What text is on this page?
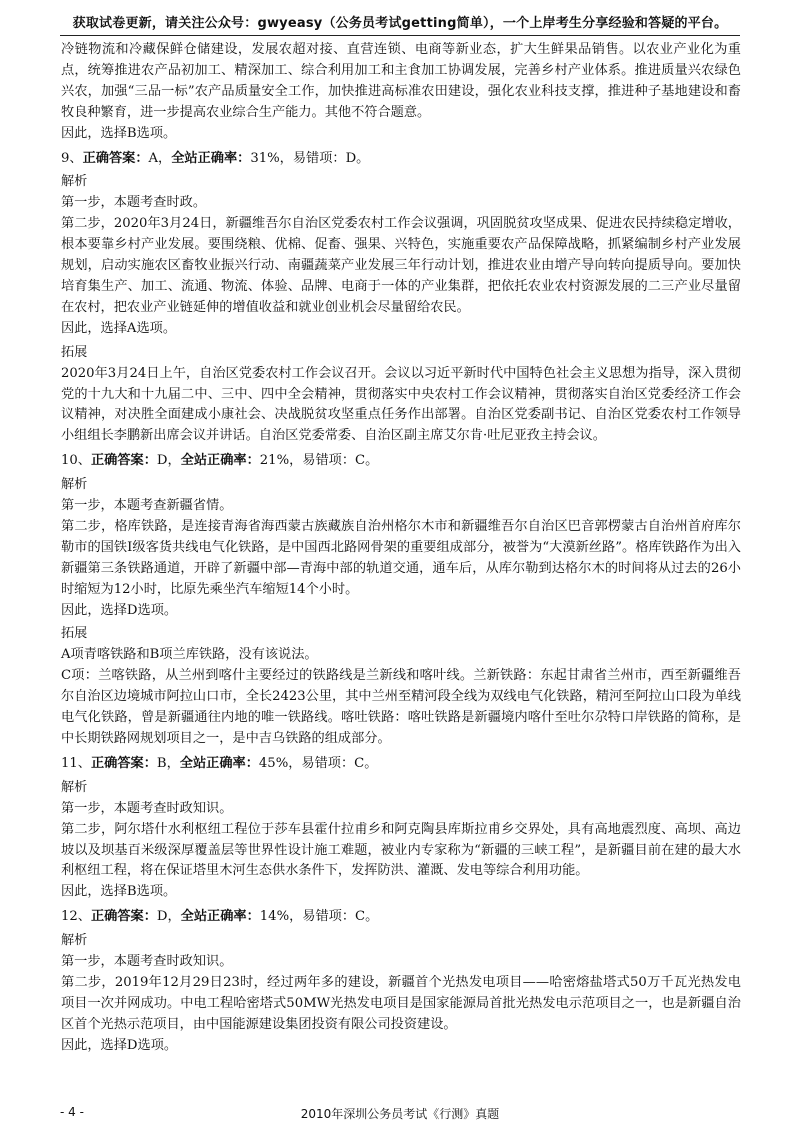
获取试卷更新，请关注公众号：gwyeasy（公务员考试getting简单），一个上岸考生分享经验和答疑的平台。

冷链物流和冷藏保鲜仓储建设，发展农超对接、直营连锁、电商等新业态，扩大生鲜果品销售。以农业产业化为重点，统筹推进农产品初加工、精深加工、综合利用加工和主食加工协调发展，完善乡村产业体系。推进质量兴农绿色兴农，加强“三品一标”农产品质量安全工作，加快推进高标准农田建设，强化农业科技支撑，推进种子基地建设和畜牧良种繁育，进一步提高农业综合生产能力。其他不符合题意。

因此，选择B选项。

9、正确答案：A，全站正确率：31%，易错项：D。

解析

第一步，本题考查时政。

第二步，2020年3月24日，新疆维吾尔自治区党委农村工作会议强调，巩固脱贫攻坚成果、促进农民持续稳定增收，根本要靠乡村产业发展。要围绕粮、优棉、促畜、强果、兴特色，实施重要农产品保障战略，抓紧编制乡村产业发展规划，启动实施农区畜牧业振兴行动、南疆蔬菜产业发展三年行动计划，推进农业由增产导向转向提质导向。要加快培育集生产、加工、流通、物流、体验、品牌、电商于一体的产业集群，把依托农业农村资源发展的二三产业尽量留在农村，把农业产业链延伸的增值收益和就业创业机会尽量留给农民。

因此，选择A选项。

拓展

2020年3月24日上午，自治区党委农村工作会议召开。会议以习近平新时代中国特色社会主义思想为指导，深入贯彻党的十九大和十九届二中、三中、四中全会精神，贯彻落实中央农村工作会议精神，贯彻落实自治区党委经济工作会议精神，对决胜全面建成小康社会、决战脱贫攻坚重点任务作出部署。自治区党委副书记、自治区党委农村工作领导小组组长李鹏新出席会议并讲话。自治区党委常委、自治区副主席艾尔肯·吐尼亚孜主持会议。

10、正确答案：D，全站正确率：21%，易错项：C。

解析

第一步，本题考查新疆省情。

第二步，格库铁路，是连接青海省海西蒙古族藏族自治州格尔木市和新疆维吾尔自治区巴音郭楞蒙古自治州首府库尔勒市的国铁Ⅰ级客货共线电气化铁路，是中国西北路网骨架的重要组成部分，被誉为“大漠新丝路”。格库铁路作为出入新疆第三条铁路通道，开辟了新疆中部—青海中部的轨道交通，通车后，从库尔勒到达格尔木的时间将从过去的26小时缩短为12小时，比原先乘坐汽车缩短14个小时。

因此，选择D选项。

拓展

A项青喀铁路和B项兰库铁路，没有该说法。

C项：兰喀铁路，从兰州到喀什主要经过的铁路线是兰新线和喀叶线。兰新铁路：东起甘肃省兰州市，西至新疆维吾尔自治区边境城市阿拉山口市，全长2423公里，其中兰州至精河段全线为双线电气化铁路，精河至阿拉山口段为单线电气化铁路，曾是新疆通往内地的唯一铁路线。喀吐铁路：喀吐铁路是新疆境内喀什至吐尔尕特口岸铁路的简称，是中长期铁路网规划项目之一，是中吉乌铁路的组成部分。

11、正确答案：B，全站正确率：45%，易错项：C。

解析

第一步，本题考查时政知识。

第二步，阿尔塔什水利枢纽工程位于莎车县霍什拉甫乡和阿克陶县库斯拉甫乡交界处，具有高地震烈度、高坝、高边坡以及坝基百米级深厚覆盖层等世界性设计施工难题，被业内专家称为“新疆的三峡工程”，是新疆目前在建的最大水利枢纽工程，将在保证塔里木河生态供水条件下，发挥防洪、灌溉、发电等综合利用功能。

因此，选择B选项。

12、正确答案：D，全站正确率：14%，易错项：C。

解析

第一步，本题考查时政知识。

第二步，2019年12月29日23时，经过两年多的建设，新疆首个光热发电项目——哈密熔盐塔式50万千瓦光热发电项目一次并网成功。中电工程哈密塔式50MW光热发电项目是国家能源局首批光热发电示范项目之一，也是新疆自治区首个光热示范项目，由中国能源建设集团投资有限公司投资建设。

因此，选择D选项。

- 4 -	2010年深圳公务员考试《行测》真题
